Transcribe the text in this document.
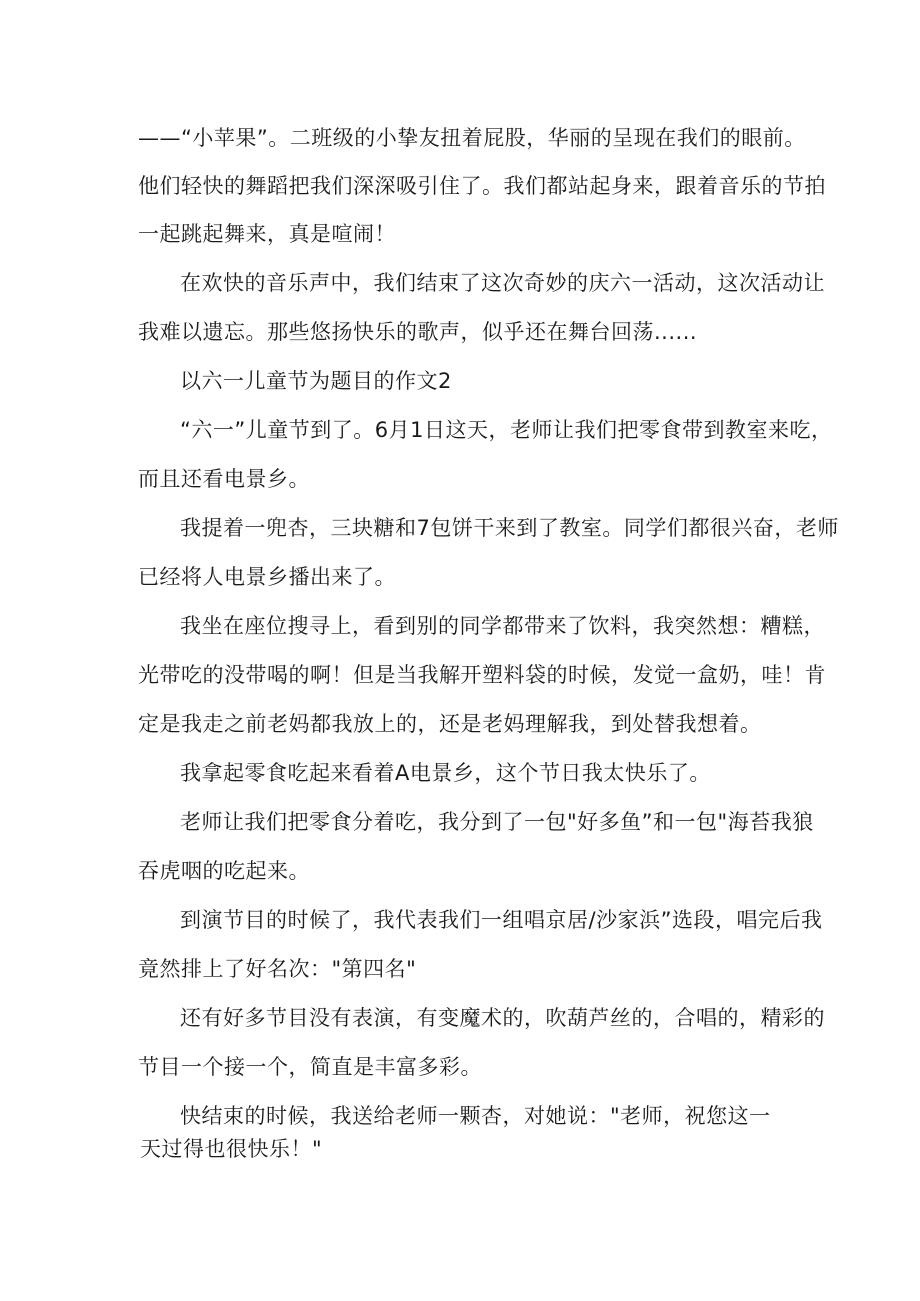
——“小苹果”。二班级的小挚友扭着屁股，华丽的呈现在我们的眼前。
他们轻快的舞蹈把我们深深吸引住了。我们都站起身来，跟着音乐的节拍
一起跳起舞来，真是喧闹！
在欢快的音乐声中，我们结束了这次奇妙的庆六一活动，这次活动让
我难以遗忘。那些悠扬快乐的歌声，似乎还在舞台回荡......
以六一儿童节为题目的作文2
“六一”儿童节到了。6月1日这天，老师让我们把零食带到教室来吃，
而且还看电景乡。
我提着一兜杏，三块糖和7包饼干来到了教室。同学们都很兴奋，老师
已经将人电景乡播出来了。
我坐在座位搜寻上，看到别的同学都带来了饮料，我突然想：糟糕，
光带吃的没带喝的啊！但是当我解开塑料袋的时候，发觉一盒奶，哇！肯
定是我走之前老妈都我放上的，还是老妈理解我，到处替我想着。
我拿起零食吃起来看着A电景乡，这个节日我太快乐了。
老师让我们把零食分着吃，我分到了一包"好多鱼”和一包"海苔我狼
吞虎咽的吃起来。
到演节目的时候了，我代表我们一组唱京居/沙家浜”选段，唱完后我
竟然排上了好名次："第四名"
还有好多节目没有表演，有变魔术的，吹葫芦丝的，合唱的，精彩的
节目一个接一个，简直是丰富多彩。
快结束的时候，我送给老师一颗杏，对她说："老师，祝您这一
天过得也很快乐！"
